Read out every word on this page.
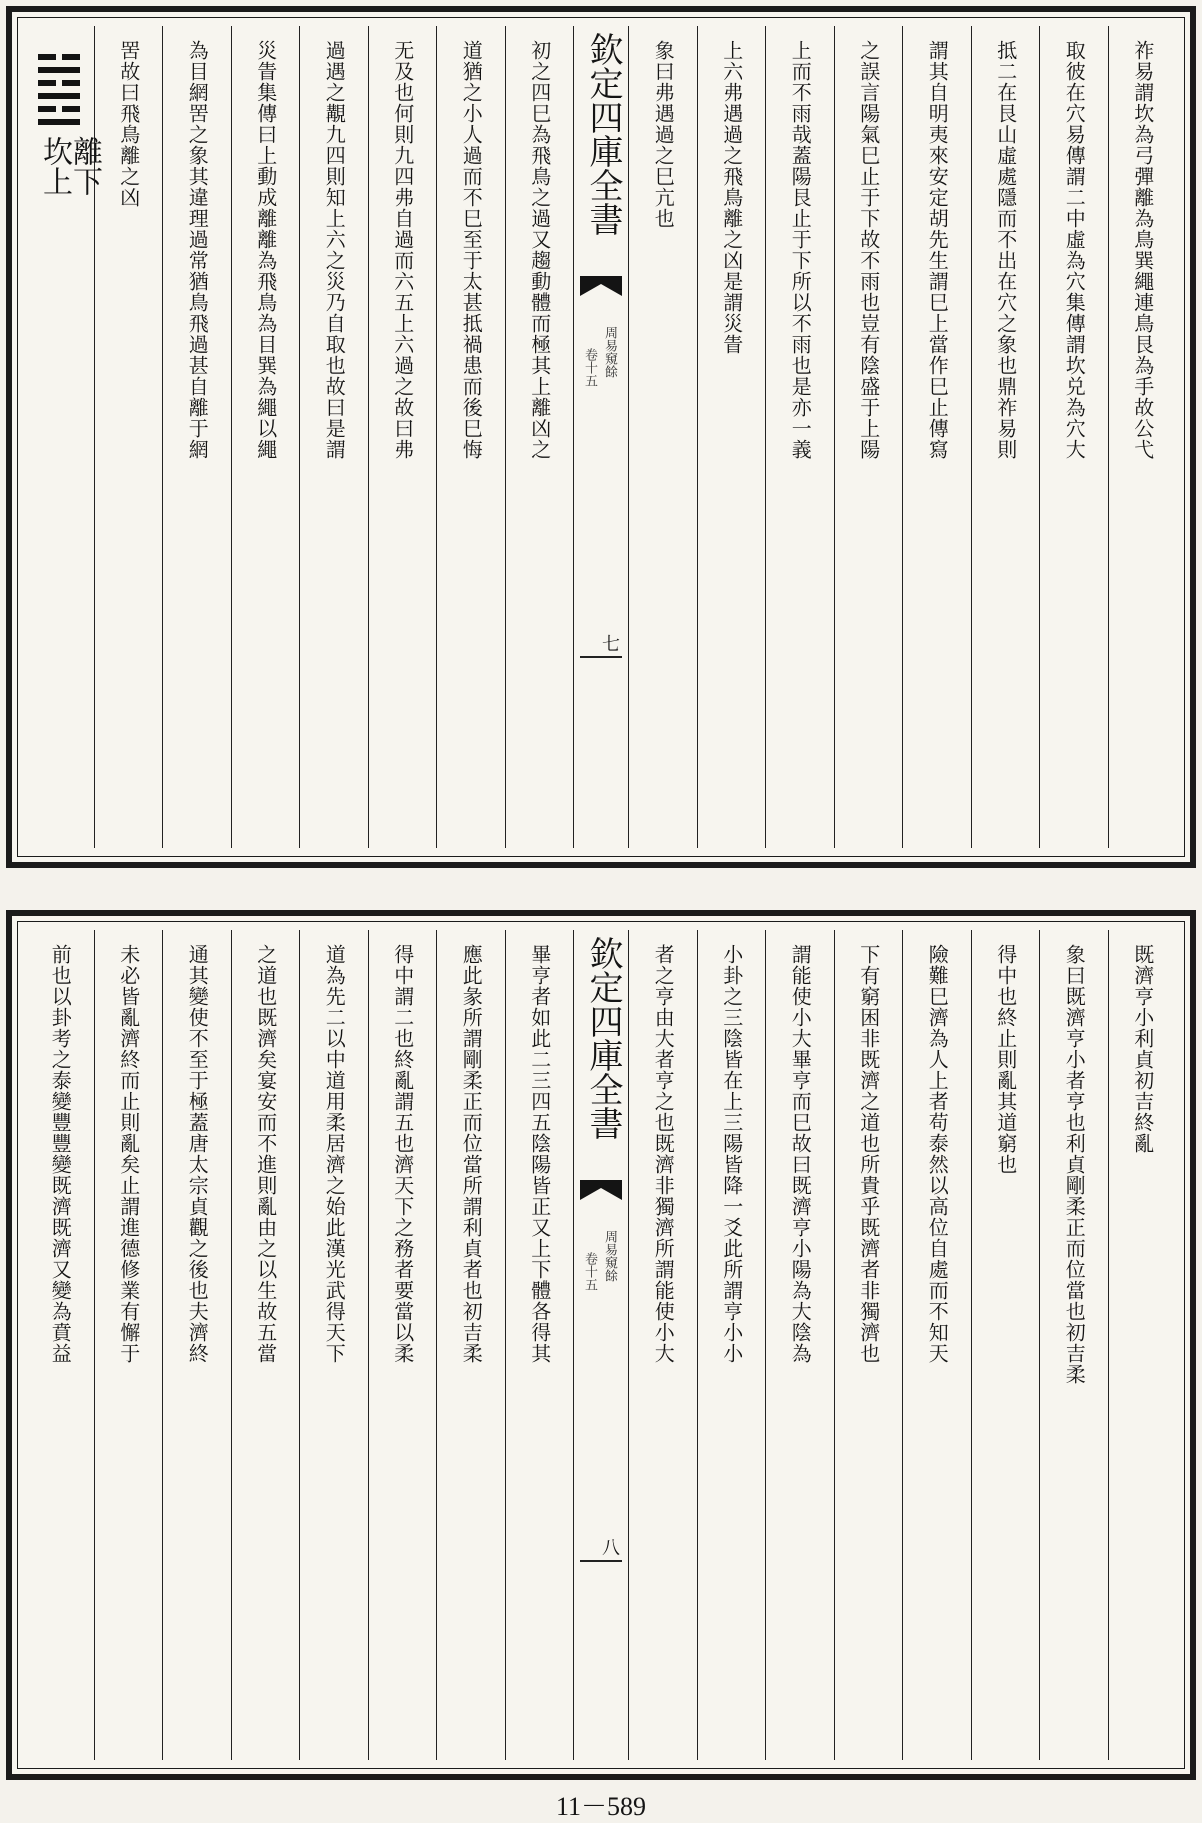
祚易謂坎為弓彈離為鳥巽繩連鳥艮為手故公弋
取彼在穴易傳謂二中虛為穴集傳謂坎兑為穴大
抵二在艮山虛處隱而不出在穴之象也鼎祚易則
謂其自明夷來安定胡先生謂巳上當作巳止傳寫
之誤言陽氣巳止于下故不雨也豈有陰盛于上陽
上而不雨哉蓋陽艮止于下所以不雨也是亦一義
上六弗遇過之飛鳥離之凶是謂災眚
象曰弗遇過之巳亢也
欽定四庫全書
周易窺餘
卷十五
七
初之四巳為飛鳥之過又趨動體而極其上離凶之
道猶之小人過而不巳至于太甚抵禍患而後巳悔
无及也何則九四弗自過而六五上六過之故曰弗
過遇之覯九四則知上六之災乃自取也故曰是謂
災眚集傳曰上動成離離為飛鳥為目巽為繩以繩
為目網罟之象其違理過常猶鳥飛過甚自離于網
罟故曰飛鳥離之凶
離下
坎上
既濟亨小利貞初吉終亂
象曰既濟亨小者亨也利貞剛柔正而位當也初吉柔
得中也終止則亂其道窮也
險難巳濟為人上者苟泰然以高位自處而不知天
下有窮困非既濟之道也所貴乎既濟者非獨濟也
謂能使小大畢亨而巳故曰既濟亨小陽為大陰為
小卦之三陰皆在上三陽皆降一爻此所謂亨小小
者之亨由大者亨之也既濟非獨濟所謂能使小大
欽定四庫全書
周易窺餘
卷十五
八
畢亨者如此二三四五陰陽皆正又上下體各得其
應此彖所謂剛柔正而位當所謂利貞者也初吉柔
得中謂二也終亂謂五也濟天下之務者要當以柔
道為先二以中道用柔居濟之始此漢光武得天下
之道也既濟矣宴安而不進則亂由之以生故五當
通其變使不至于極蓋唐太宗貞觀之後也夫濟終
未必皆亂濟終而止則亂矣止謂進德修業有懈于
前也以卦考之泰變豐豐變既濟既濟又變為賁益
11－589
